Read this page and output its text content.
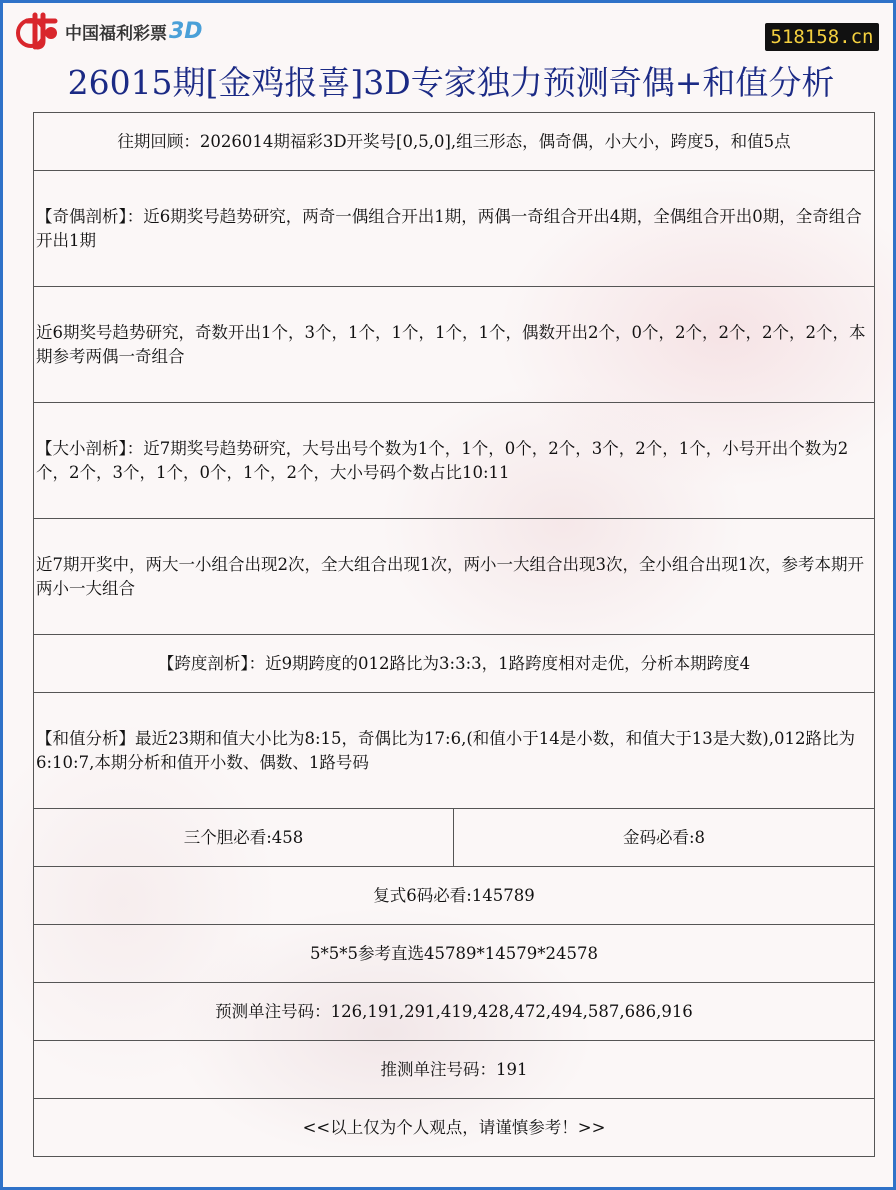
中国福利彩票 3D	518158.cn
26015期[金鸡报喜]3D专家独力预测奇偶+和值分析
往期回顾：2026014期福彩3D开奖号[0,5,0],组三形态，偶奇偶，小大小，跨度5，和值5点
【奇偶剖析】：近6期奖号趋势研究，两奇一偶组合开出1期，两偶一奇组合开出4期，全偶组合开出0期，全奇组合开出1期
近6期奖号趋势研究，奇数开出1个，3个，1个，1个，1个，1个，偶数开出2个，0个，2个，2个，2个，2个，本期参考两偶一奇组合
【大小剖析】：近7期奖号趋势研究，大号出号个数为1个，1个，0个，2个，3个，2个，1个，小号开出个数为2个，2个，3个，1个，0个，1个，2个，大小号码个数占比10:11
近7期开奖中，两大一小组合出现2次，全大组合出现1次，两小一大组合出现3次，全小组合出现1次，参考本期开两小一大组合
【跨度剖析】：近9期跨度的012路比为3:3:3，1路跨度相对走优，分析本期跨度4
【和值分析】最近23期和值大小比为8:15，奇偶比为17:6,(和值小于14是小数，和值大于13是大数),012路比为6:10:7,本期分析和值开小数、偶数、1路号码
三个胆必看:458	金码必看:8
复式6码必看:145789
5*5*5参考直选45789*14579*24578
预测单注号码：126,191,291,419,428,472,494,587,686,916
推测单注号码：191
<<以上仅为个人观点，请谨慎参考！>>
